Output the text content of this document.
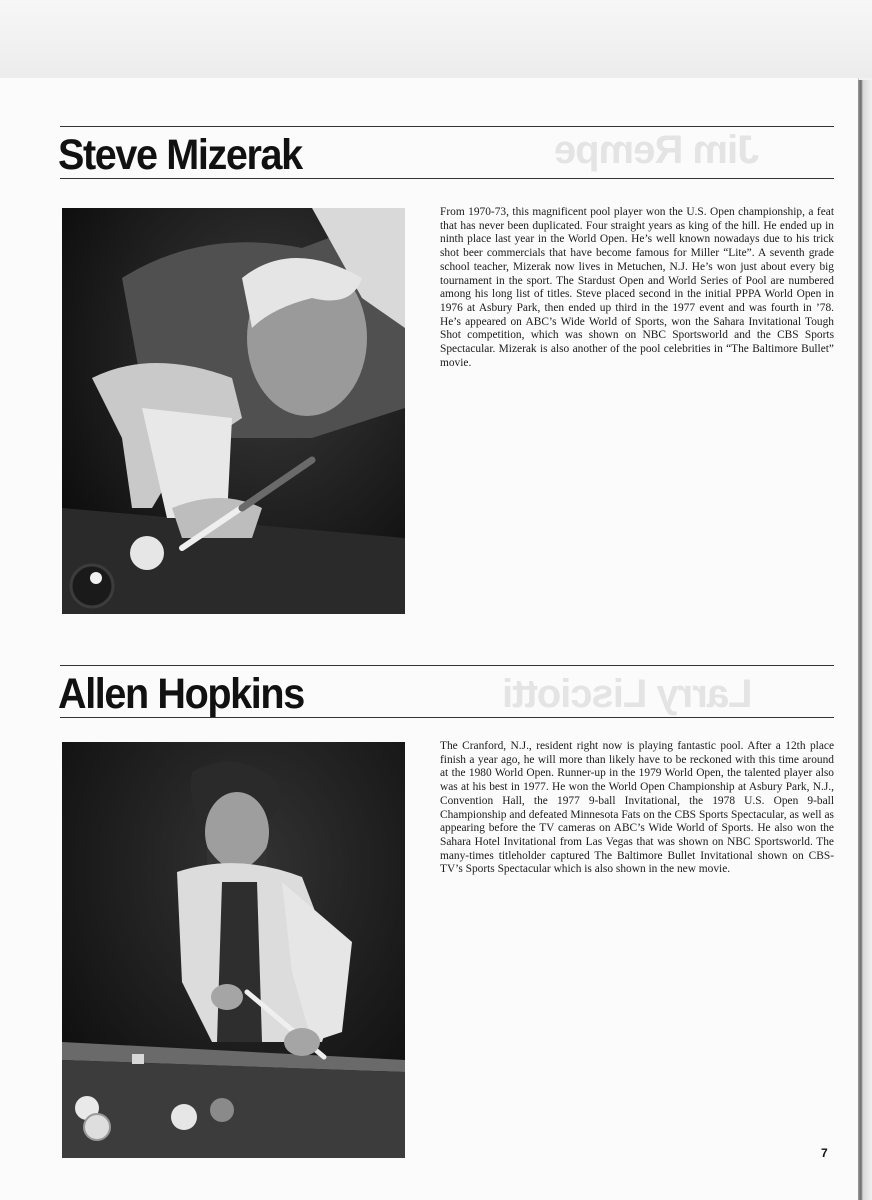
Jim Rempe
Larry Lisciotti
Steve Mizerak

From 1970-73, this magnificent pool player won the U.S. Open championship, a feat that has never been duplicated. Four straight years as king of the hill. He ended up in ninth place last year in the World Open. He’s well known nowadays due to his trick shot beer commercials that have become famous for Miller “Lite”. A seventh grade school teacher, Mizerak now lives in Metuchen, N.J. He’s won just about every big tournament in the sport. The Stardust Open and World Series of Pool are numbered among his long list of titles. Steve placed second in the initial PPPA World Open in 1976 at Asbury Park, then ended up third in the 1977 event and was fourth in ’78. He’s appeared on ABC’s Wide World of Sports, won the Sahara Invitational Tough Shot competition, which was shown on NBC Sportsworld and the CBS Sports Spectacular. Mizerak is also another of the pool celebrities in “The Baltimore Bullet” movie.

Allen Hopkins

The Cranford, N.J., resident right now is playing fantastic pool. After a 12th place finish a year ago, he will more than likely have to be reckoned with this time around at the 1980 World Open. Runner-up in the 1979 World Open, the talented player also was at his best in 1977. He won the World Open Championship at Asbury Park, N.J., Convention Hall, the 1977 9-ball Invitational, the 1978 U.S. Open 9-ball Championship and defeated Minnesota Fats on the CBS Sports Spectacular, as well as appearing before the TV cameras on ABC’s Wide World of Sports. He also won the Sahara Hotel Invitational from Las Vegas that was shown on NBC Sportsworld. The many-times titleholder captured The Baltimore Bullet Invitational shown on CBS-TV’s Sports Spectacular which is also shown in the new movie.

7
